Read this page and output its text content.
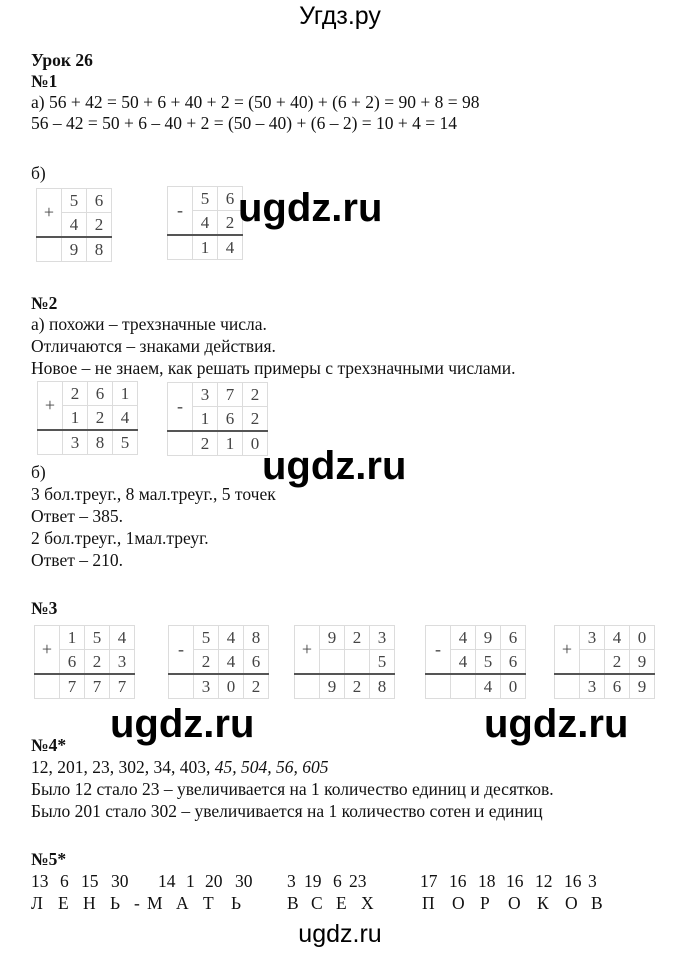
Угдз.ру
Урок 26
№1
а) 56 + 42 = 50 + 6 + 40 + 2 = (50 + 40) + (6 + 2) = 90 + 8 = 98
56 – 42 = 50 + 6 – 40 + 2 = (50 – 40) + (6 – 2) = 10 + 4 = 14
б)
+	5	6
	4	2
	9	8
-	5	6
	4	2
	1	4
ugdz.ru
№2
а) похожи – трехзначные числа.
Отличаются – знаками действия.
Новое – не знаем, как решать примеры с трехзначными числами.
+	2	6	1
	1	2	4
	3	8	5
-	3	7	2
	1	6	2
	2	1	0
ugdz.ru
б)
3 бол.треуг., 8 мал.треуг., 5 точек
Ответ – 385.
2 бол.треуг., 1мал.треуг.
Ответ – 210.
№3
+	1	5	4
	6	2	3
	7	7	7
-	5	4	8
	2	4	6
	3	0	2
+	9	2	3
			5
	9	2	8
-	4	9	6
	4	5	6
		4	0
+	3	4	0
		2	9
	3	6	9
ugdz.ru	ugdz.ru
№4*
12, 201, 23, 302, 34, 403, 45, 504, 56, 605
Было 12 стало 23 – увеличивается на 1 количество единиц и десятков.
Было 201 стало 302 – увеличивается на 1 количество сотен и единиц
№5*
13 6 15 30 14 1 20 30 3 19 6 23	17 16 18 16 12 16 3
Л Е Н Ь - М А Т Ь	В С Е Х	П О Р О К О В
ugdz.ru
